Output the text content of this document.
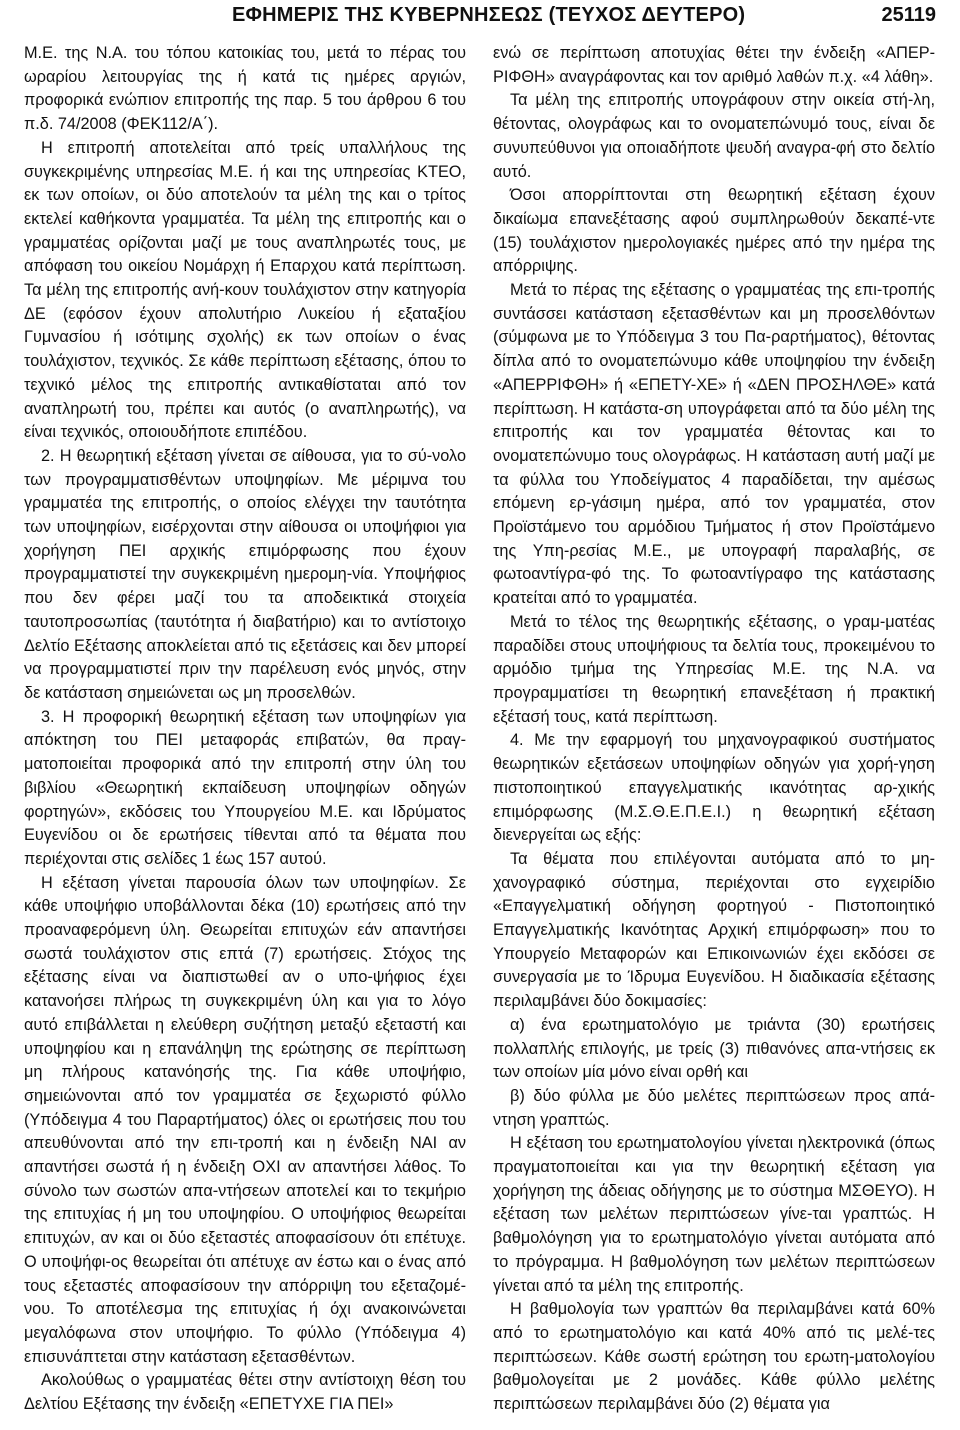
ΕΦΗΜΕΡΙΣ ΤΗΣ ΚΥΒΕΡΝΗΣΕΩΣ (ΤΕΥΧΟΣ ΔΕΥΤΕΡΟ)	25119

Μ.Ε. της Ν.Α. του τόπου κατοικίας του, μετά το πέρας του ωραρίου λειτουργίας της ή κατά τις ημέρες αργιών, προφορικά ενώπιον επιτροπής της παρ. 5 του άρθρου 6 του π.δ. 74/2008 (ΦΕΚ112/Α΄).

Η επιτροπή αποτελείται από τρείς υπαλλήλους της συγκεκριμένης υπηρεσίας Μ.Ε. ή και της υπηρεσίας ΚΤΕΟ, εκ των οποίων, οι δύο αποτελούν τα μέλη της και ο τρίτος εκτελεί καθήκοντα γραμματέα. Τα μέλη της επιτροπής και ο γραμματέας ορίζονται μαζί με τους αναπληρωτές τους, με απόφαση του οικείου Νομάρχη ή Επαρχου κατά περίπτωση. Τα μέλη της επιτροπής ανή-κουν τουλάχιστον στην κατηγορία ΔΕ (εφόσον έχουν απολυτήριο Λυκείου ή εξαταξίου Γυμνασίου ή ισότιμης σχολής) εκ των οποίων ο ένας τουλάχιστον, τεχνικός. Σε κάθε περίπτωση εξέτασης, όπου το τεχνικό μέλος της επιτροπής αντικαθίσταται από τον αναπληρωτή του, πρέπει και αυτός (ο αναπληρωτής), να είναι τεχνικός, οποιουδήποτε επιπέδου.

2. Η θεωρητική εξέταση γίνεται σε αίθουσα, για το σύ-νολο των προγραμματισθέντων υποψηφίων. Με μέριμνα του γραμματέα της επιτροπής, ο οποίος ελέγχει την ταυτότητα των υποψηφίων, εισέρχονται στην αίθουσα οι υποψήφιοι για χορήγηση ΠΕΙ αρχικής επιμόρφωσης που έχουν προγραμματιστεί την συγκεκριμένη ημερομη-νία. Υποψήφιος που δεν φέρει μαζί του τα αποδεικτικά στοιχεία ταυτοπροσωπίας (ταυτότητα ή διαβατήριο) και το αντίστοιχο Δελτίο Εξέτασης αποκλείεται από τις εξετάσεις και δεν μπορεί να προγραμματιστεί πριν την παρέλευση ενός μηνός, στην δε κατάσταση σημειώνεται ως μη προσελθών.

3. Η προφορική θεωρητική εξέταση των υποψηφίων για απόκτηση του ΠΕΙ μεταφοράς επιβατών, θα πραγ-ματοποιείται προφορικά από την επιτροπή στην ύλη του βιβλίου «Θεωρητική εκπαίδευση υποψηφίων οδηγών φορτηγών», εκδόσεις του Υπουργείου Μ.Ε. και Ιδρύματος Ευγενίδου οι δε ερωτήσεις τίθενται από τα θέματα που περιέχονται στις σελίδες 1 έως 157 αυτού.

Η εξέταση γίνεται παρουσία όλων των υποψηφίων. Σε κάθε υποψήφιο υποβάλλονται δέκα (10) ερωτήσεις από την προαναφερόμενη ύλη. Θεωρείται επιτυχών εάν απαντήσει σωστά τουλάχιστον στις επτά (7) ερωτήσεις. Στόχος της εξέτασης είναι να διαπιστωθεί αν ο υπο-ψήφιος έχει κατανοήσει πλήρως τη συγκεκριμένη ύλη και για το λόγο αυτό επιβάλλεται η ελεύθερη συζήτηση μεταξύ εξεταστή και υποψηφίου και η επανάληψη της ερώτησης σε περίπτωση μη πλήρους κατανόησής της. Για κάθε υποψήφιο, σημειώνονται από τον γραμματέα σε ξεχωριστό φύλλο (Υπόδειγμα 4 του Παραρτήματος) όλες οι ερωτήσεις που του απευθύνονται από την επι-τροπή και η ένδειξη ΝΑΙ αν απαντήσει σωστά ή η ένδειξη ΟΧΙ αν απαντήσει λάθος. Το σύνολο των σωστών απα-ντήσεων αποτελεί και το τεκμήριο της επιτυχίας ή μη του υποψηφίου. Ο υποψήφιος θεωρείται επιτυχών, αν και οι δύο εξεταστές αποφασίσουν ότι επέτυχε. Ο υποψήφι-ος θεωρείται ότι απέτυχε αν έστω και ο ένας από τους εξεταστές αποφασίσουν την απόρριψη του εξεταζομέ-νου. Το αποτέλεσμα της επιτυχίας ή όχι ανακοινώνεται μεγαλόφωνα στον υποψήφιο. Το φύλλο (Υπόδειγμα 4) επισυνάπτεται στην κατάσταση εξετασθέντων.

Ακολούθως ο γραμματέας θέτει στην αντίστοιχη θέση του Δελτίου Εξέτασης την ένδειξη «ΕΠΕΤΥΧΕ ΓΙΑ ΠΕΙ»

ενώ σε περίπτωση αποτυχίας θέτει την ένδειξη «ΑΠΕΡ-ΡΙΦΘΗ» αναγράφοντας και τον αριθμό λαθών π.χ. «4 λάθη».

Τα μέλη της επιτροπής υπογράφουν στην οικεία στή-λη, θέτοντας, ολογράφως και το ονοματεπώνυμό τους, είναι δε συνυπεύθυνοι για οποιαδήποτε ψευδή αναγρα-φή στο δελτίο αυτό.

Όσοι απορρίπτονται στη θεωρητική εξέταση έχουν δικαίωμα επανεξέτασης αφού συμπληρωθούν δεκαπέ-ντε (15) τουλάχιστον ημερολογιακές ημέρες από την ημέρα της απόρριψης.

Μετά το πέρας της εξέτασης ο γραμματέας της επι-τροπής συντάσσει κατάσταση εξετασθέντων και μη προσελθόντων (σύμφωνα με το Υπόδειγμα 3 του Πα-ραρτήματος), θέτοντας δίπλα από το ονοματεπώνυμο κάθε υποψηφίου την ένδειξη «ΑΠΕΡΡΙΦΘΗ» ή «ΕΠΕΤΥ-ΧΕ» ή «ΔΕΝ ΠΡΟΣΗΛΘΕ» κατά περίπτωση. Η κατάστα-ση υπογράφεται από τα δύο μέλη της επιτροπής και τον γραμματέα θέτοντας και το ονοματεπώνυμο τους ολογράφως. Η κατάσταση αυτή μαζί με τα φύλλα του Υποδείγματος 4 παραδίδεται, την αμέσως επόμενη ερ-γάσιμη ημέρα, από τον γραμματέα, στον Προϊστάμενο του αρμόδιου Τμήματος ή στον Προϊστάμενο της Υπη-ρεσίας Μ.Ε., με υπογραφή παραλαβής, σε φωτοαντίγρα-φό της. Το φωτοαντίγραφο της κατάστασης κρατείται από το γραμματέα.

Μετά το τέλος της θεωρητικής εξέτασης, ο γραμ-ματέας παραδίδει στους υποψήφιους τα δελτία τους, προκειμένου το αρμόδιο τμήμα της Υπηρεσίας Μ.Ε. της Ν.Α. να προγραμματίσει τη θεωρητική επανεξέταση ή πρακτική εξέτασή τους, κατά περίπτωση.

4. Με την εφαρμογή του μηχανογραφικού συστήματος θεωρητικών εξετάσεων υποψηφίων οδηγών για χορή-γηση πιστοποιητικού επαγγελματικής ικανότητας αρ-χικής επιμόρφωσης (Μ.Σ.Θ.Ε.Π.Ε.Ι.) η θεωρητική εξέταση διενεργείται ως εξής:

Τα θέματα που επιλέγονται αυτόματα από το μη-χανογραφικό σύστημα, περιέχονται στο εγχειρίδιο «Επαγγελματική οδήγηση φορτηγού - Πιστοποιητικό Επαγγελματικής Ικανότητας Αρχική επιμόρφωση» που το Υπουργείο Μεταφορών και Επικοινωνιών έχει εκδόσει σε συνεργασία με το Ίδρυμα Ευγενίδου. Η διαδικασία εξέτασης περιλαμβάνει δύο δοκιμασίες:

α) ένα ερωτηματολόγιο με τριάντα (30) ερωτήσεις πολλαπλής επιλογής, με τρείς (3) πιθανόνες απα-ντήσεις εκ των οποίων μία μόνο είναι ορθή και

β) δύο φύλλα με δύο μελέτες περιπτώσεων προς απά-ντηση γραπτώς.

Η εξέταση του ερωτηματολογίου γίνεται ηλεκτρονικά (όπως πραγματοποιείται και για την θεωρητική εξέταση για χορήγηση της άδειας οδήγησης με το σύστημα ΜΣΘΕΥΟ). Η εξέταση των μελέτων περιπτώσεων γίνε-ται γραπτώς. Η βαθμολόγηση για το ερωτηματολόγιο γίνεται αυτόματα από το πρόγραμμα. Η βαθμολόγηση των μελέτων περιπτώσεων γίνεται από τα μέλη της επιτροπής.

Η βαθμολογία των γραπτών θα περιλαμβάνει κατά 60% από το ερωτηματολόγιο και κατά 40% από τις μελέ-τες περιπτώσεων. Κάθε σωστή ερώτηση του ερωτη-ματολογίου βαθμολογείται με 2 μονάδες. Κάθε φύλλο μελέτης περιπτώσεων περιλαμβάνει δύο (2) θέματα για
